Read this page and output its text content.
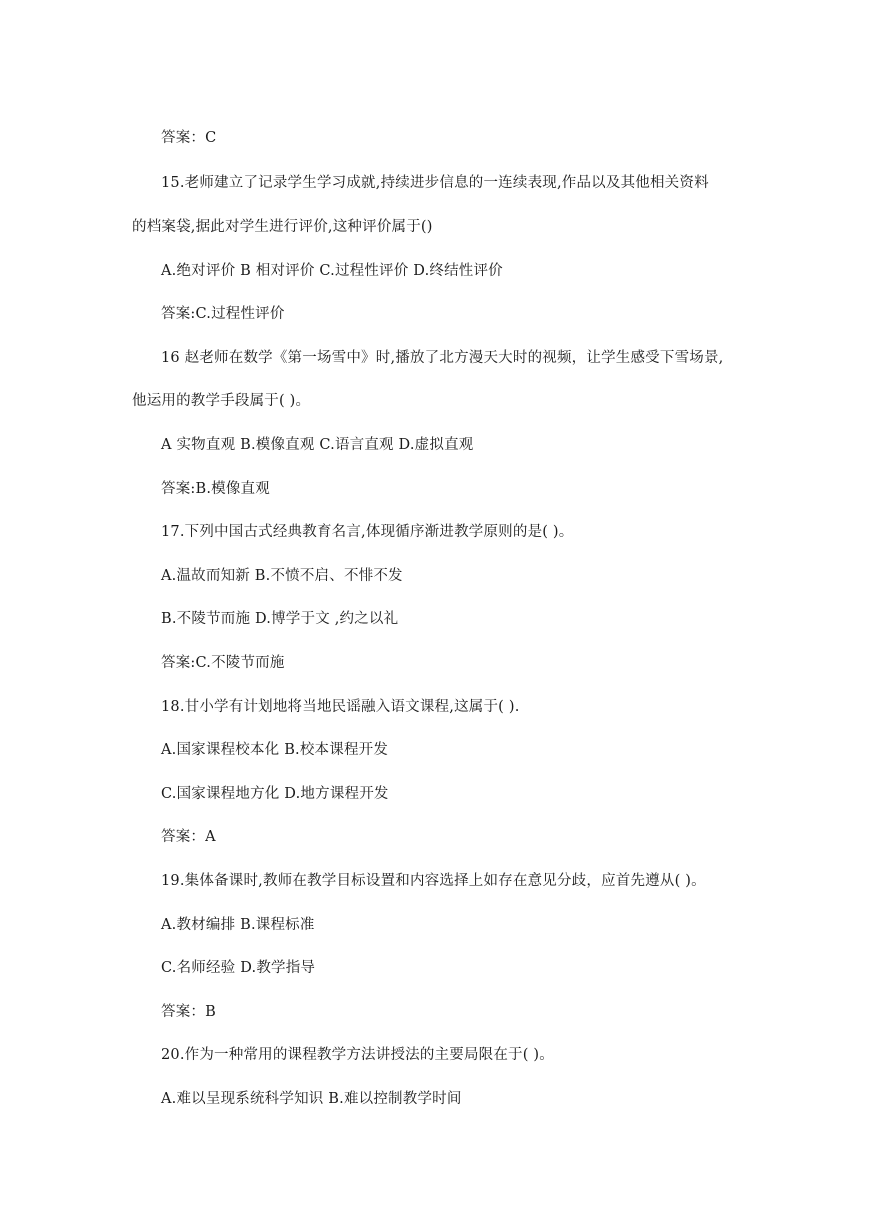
答案：C
15.老师建立了记录学生学习成就,持续进步信息的一连续表现,作品以及其他相关资料
的档案袋,据此对学生进行评价,这种评价属于()
A.绝对评价 B 相对评价 C.过程性评价 D.终结性评价
答案:C.过程性评价
16 赵老师在数学《第一场雪中》时,播放了北方漫天大时的视频，让学生感受下雪场景,
他运用的教学手段属于( )。
A 实物直观 B.模像直观 C.语言直观 D.虚拟直观
答案:B.模像直观
17.下列中国古式经典教育名言,体现循序渐进教学原则的是( )。
A.温故而知新 B.不愤不启、不悱不发
B.不陵节而施 D.博学于文 ,约之以礼
答案:C.不陵节而施
18.甘小学有计划地将当地民谣融入语文课程,这属于( ).
A.国家课程校本化 B.校本课程开发
C.国家课程地方化 D.地方课程开发
答案：A
19.集体备课时,教师在教学目标设置和内容选择上如存在意见分歧，应首先遵从( )。
A.教材编排 B.课程标准
C.名师经验 D.教学指导
答案：B
20.作为一种常用的课程教学方法讲授法的主要局限在于( )。
A.难以呈现系统科学知识 B.难以控制教学时间
